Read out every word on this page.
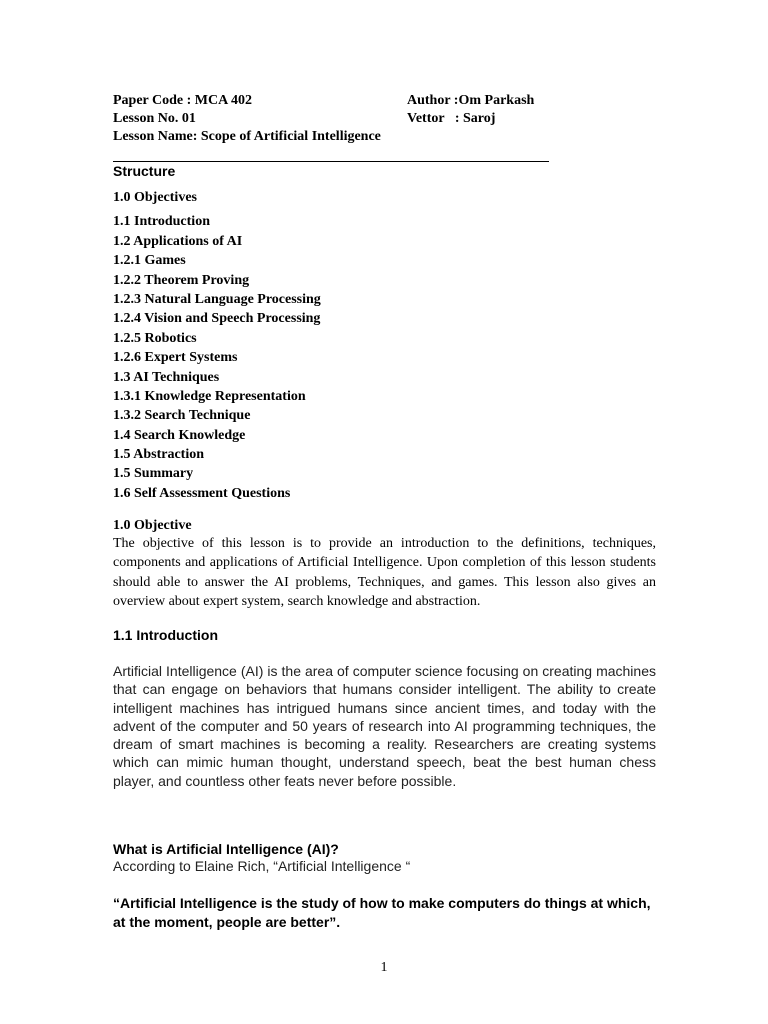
Paper Code : MCA 402	Author :Om Parkash
Lesson No. 01	Vettor   : Saroj
Lesson Name: Scope of Artificial Intelligence
Structure
1.0 Objectives
1.1 Introduction
1.2 Applications of AI
1.2.1 Games
1.2.2 Theorem Proving
1.2.3 Natural Language Processing
1.2.4 Vision and Speech Processing
1.2.5 Robotics
1.2.6 Expert Systems
1.3 AI Techniques
1.3.1 Knowledge Representation
1.3.2 Search Technique
1.4 Search Knowledge
1.5 Abstraction
1.5 Summary
1.6 Self Assessment Questions
1.0 Objective

The objective of this lesson is to provide an introduction to the definitions, techniques, components and applications of Artificial Intelligence. Upon completion of this lesson students should able to answer the AI problems, Techniques, and games. This lesson also gives an overview about expert system, search knowledge and abstraction.

1.1 Introduction

Artificial Intelligence (AI) is the area of computer science focusing on creating machines that can engage on behaviors that humans consider intelligent. The ability to create intelligent machines has intrigued humans since ancient times, and today with the advent of the computer and 50 years of research into AI programming techniques, the dream of smart machines is becoming a reality. Researchers are creating systems which can mimic human thought, understand speech, beat the best human chess player, and countless other feats never before possible.

What is Artificial Intelligence (AI)?
According to Elaine Rich, “Artificial Intelligence “

“Artificial Intelligence is the study of how to make computers do things at which, at the moment, people are better”.

1
